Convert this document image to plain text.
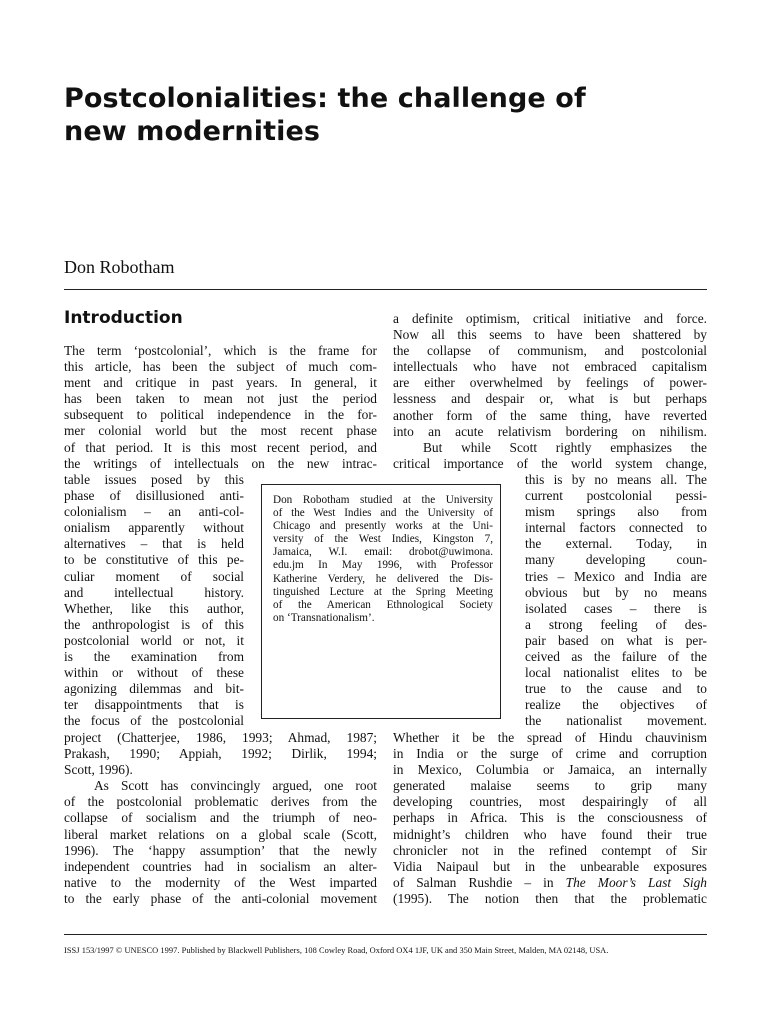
Postcolonialities: the challenge of
new modernities
Don Robotham
Introduction
The term ‘postcolonial’, which is the frame for
this article, has been the subject of much com-
ment and critique in past years. In general, it
has been taken to mean not just the period
subsequent to political independence in the for-
mer colonial world but the most recent phase
of that period. It is this most recent period, and
the writings of intellectuals on the new intrac-
table issues posed by this
phase of disillusioned anti-
colonialism – an anti-col-
onialism apparently without
alternatives – that is held
to be constitutive of this pe-
culiar moment of social
and intellectual history.
Whether, like this author,
the anthropologist is of this
postcolonial world or not, it
is the examination from
within or without of these
agonizing dilemmas and bit-
ter disappointments that is
the focus of the postcolonial
project (Chatterjee, 1986, 1993; Ahmad, 1987;
Prakash, 1990; Appiah, 1992; Dirlik, 1994;
Scott, 1996).
As Scott has convincingly argued, one root
of the postcolonial problematic derives from the
collapse of socialism and the triumph of neo-
liberal market relations on a global scale (Scott,
1996). The ‘happy assumption’ that the newly
independent countries had in socialism an alter-
native to the modernity of the West imparted
to the early phase of the anti-colonial movement
a definite optimism, critical initiative and force.
Now all this seems to have been shattered by
the collapse of communism, and postcolonial
intellectuals who have not embraced capitalism
are either overwhelmed by feelings of power-
lessness and despair or, what is but perhaps
another form of the same thing, have reverted
into an acute relativism bordering on nihilism.
But while Scott rightly emphasizes the
critical importance of the world system change,
this is by no means all. The
current postcolonial pessi-
mism springs also from
internal factors connected to
the external. Today, in
many developing coun-
tries – Mexico and India are
obvious but by no means
isolated cases – there is
a strong feeling of des-
pair based on what is per-
ceived as the failure of the
local nationalist elites to be
true to the cause and to
realize the objectives of
the nationalist movement.
Whether it be the spread of Hindu chauvinism
in India or the surge of crime and corruption
in Mexico, Columbia or Jamaica, an internally
generated malaise seems to grip many
developing countries, most despairingly of all
perhaps in Africa. This is the consciousness of
midnight’s children who have found their true
chronicler not in the refined contempt of Sir
Vidia Naipaul but in the unbearable exposures
of Salman Rushdie – in The Moor’s Last Sigh
(1995). The notion then that the problematic
Don Robotham studied at the University
of the West Indies and the University of
Chicago and presently works at the Uni-
versity of the West Indies, Kingston 7,
Jamaica, W.I. email: drobot@uwimona.
edu.jm In May 1996, with Professor
Katherine Verdery, he delivered the Dis-
tinguished Lecture at the Spring Meeting
of the American Ethnological Society
on ‘Transnationalism’.
ISSJ 153/1997 © UNESCO 1997. Published by Blackwell Publishers, 108 Cowley Road, Oxford OX4 1JF, UK and 350 Main Street, Malden, MA 02148, USA.
